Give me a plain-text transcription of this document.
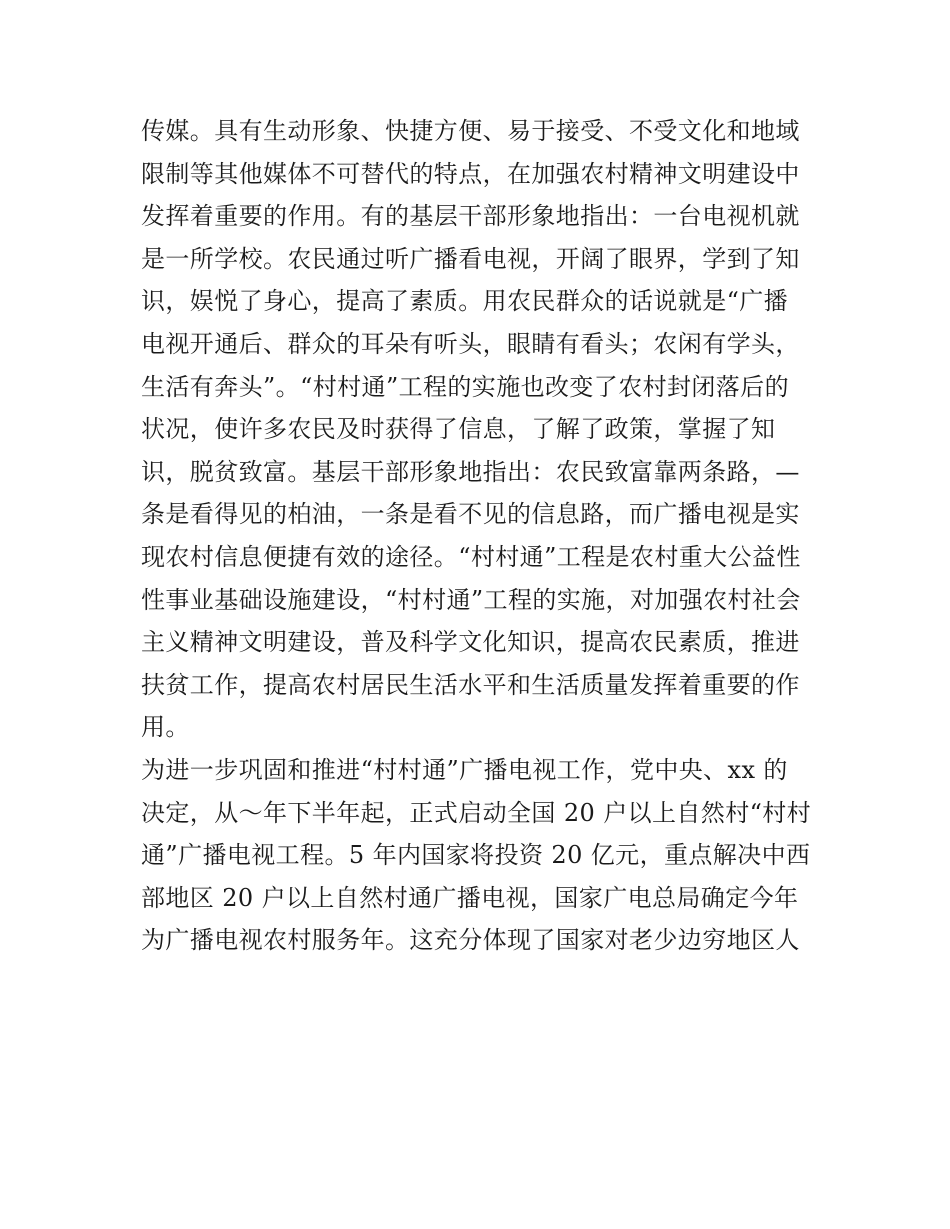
传媒。具有生动形象、快捷方便、易于接受、不受文化和地域
限制等其他媒体不可替代的特点，在加强农村精神文明建设中
发挥着重要的作用。有的基层干部形象地指出：一台电视机就
是一所学校。农民通过听广播看电视，开阔了眼界，学到了知
识，娱悦了身心，提高了素质。用农民群众的话说就是“广播
电视开通后、群众的耳朵有听头，眼睛有看头；农闲有学头，
生活有奔头”。“村村通”工程的实施也改变了农村封闭落后的
状况，使许多农民及时获得了信息，了解了政策，掌握了知
识，脱贫致富。基层干部形象地指出：农民致富靠两条路，—
条是看得见的柏油，一条是看不见的信息路，而广播电视是实
现农村信息便捷有效的途径。“村村通”工程是农村重大公益性
性事业基础设施建设，“村村通”工程的实施，对加强农村社会
主义精神文明建设，普及科学文化知识，提高农民素质，推进
扶贫工作，提高农村居民生活水平和生活质量发挥着重要的作
用。
为进一步巩固和推进“村村通”广播电视工作，党中央、xx 的
决定，从～年下半年起，正式启动全国 20 户以上自然村“村村
通”广播电视工程。5 年内国家将投资 20 亿元，重点解决中西
部地区 20 户以上自然村通广播电视，国家广电总局确定今年
为广播电视农村服务年。这充分体现了国家对老少边穷地区人
